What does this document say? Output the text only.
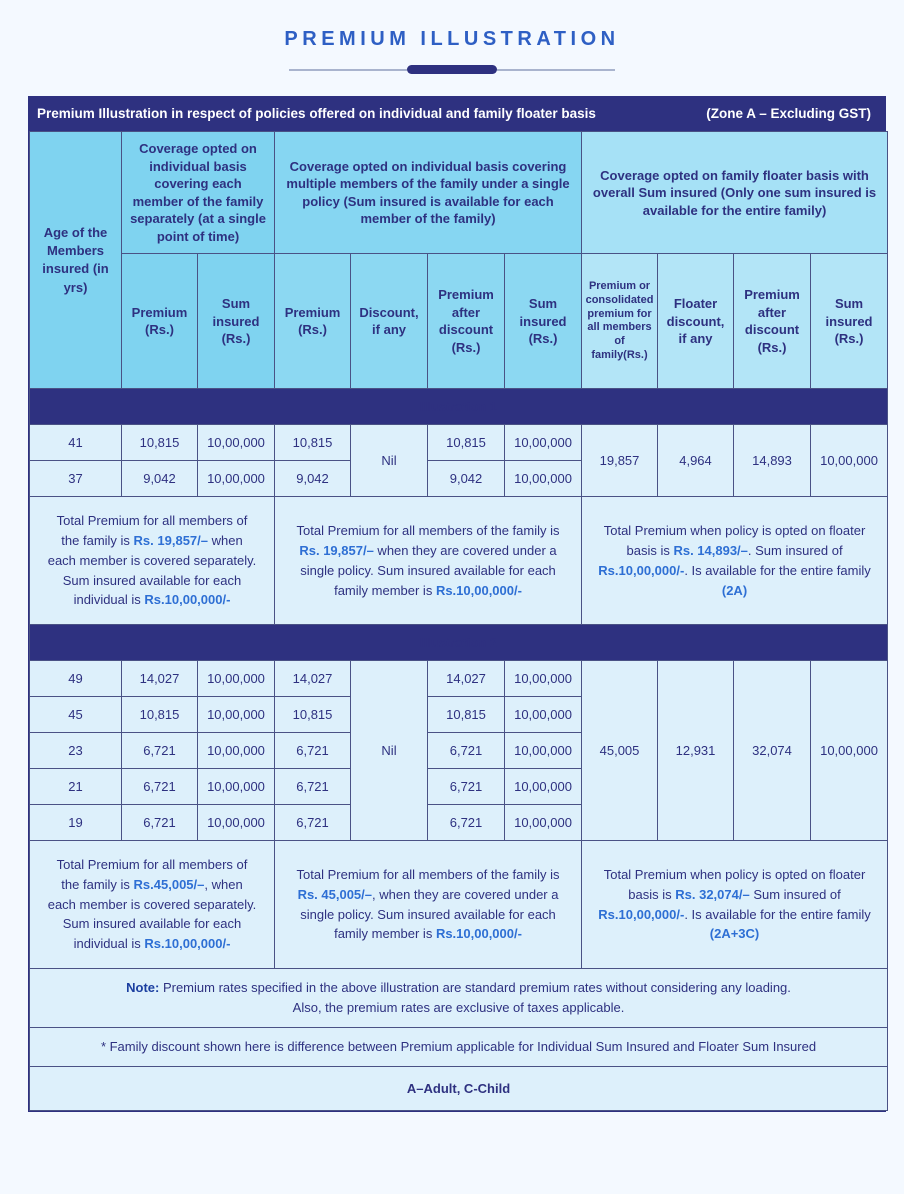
PREMIUM ILLUSTRATION
Premium Illustration in respect of policies offered on individual and family floater basis	(Zone A – Excluding GST)
Age of the Members insured (in yrs)	Coverage opted on individual basis covering each member of the family separately (at a single point of time)		Coverage opted on individual basis covering multiple members of the family under a single policy (Sum insured is available for each member of the family)				Coverage opted on family floater basis with overall Sum insured (Only one sum insured is available for the entire family)			
	Premium (Rs.)	Sum insured (Rs.)	Premium (Rs.)	Discount, if any	Premium after discount (Rs.)	Sum insured (Rs.)	Premium or consolidated premium for all members of family(Rs.)	Floater discount, if any	Premium after discount (Rs.)	Sum insured (Rs.)
Illustration 1										
41	10,815	10,00,000	10,815	Nil	10,815	10,00,000	19,857	4,964	14,893	10,00,000
37	9,042	10,00,000	9,042		9,042	10,00,000				
Total Premium for all members of the family is Rs. 19,857/– when each member is covered separately. Sum insured available for each individual is Rs.10,00,000/-			Total Premium for all members of the family is Rs. 19,857/– when they are covered under a single policy. Sum insured available for each family member is Rs.10,00,000/-				Total Premium when policy is opted on floater basis is Rs. 14,893/–. Sum insured of Rs.10,00,000/-. Is available for the entire family (2A)			
Illustration 2										
49	14,027	10,00,000	14,027	Nil	14,027	10,00,000	45,005	12,931	32,074	10,00,000
45	10,815	10,00,000	10,815		10,815	10,00,000				
23	6,721	10,00,000	6,721		6,721	10,00,000				
21	6,721	10,00,000	6,721		6,721	10,00,000				
19	6,721	10,00,000	6,721		6,721	10,00,000				
Total Premium for all members of the family is Rs.45,005/–, when each member is covered separately. Sum insured available for each individual is Rs.10,00,000/-			Total Premium for all members of the family is Rs. 45,005/–, when they are covered under a single policy. Sum insured available for each family member is Rs.10,00,000/-				Total Premium when policy is opted on floater basis is Rs. 32,074/– Sum insured of Rs.10,00,000/-. Is available for the entire family (2A+3C)			

Note: Premium rates specified in the above illustration are standard premium rates without considering any loading.
Also, the premium rates are exclusive of taxes applicable.										

* Family discount shown here is difference between Premium applicable for Individual Sum Insured and Floater Sum Insured										
A–Adult, C-Child										
